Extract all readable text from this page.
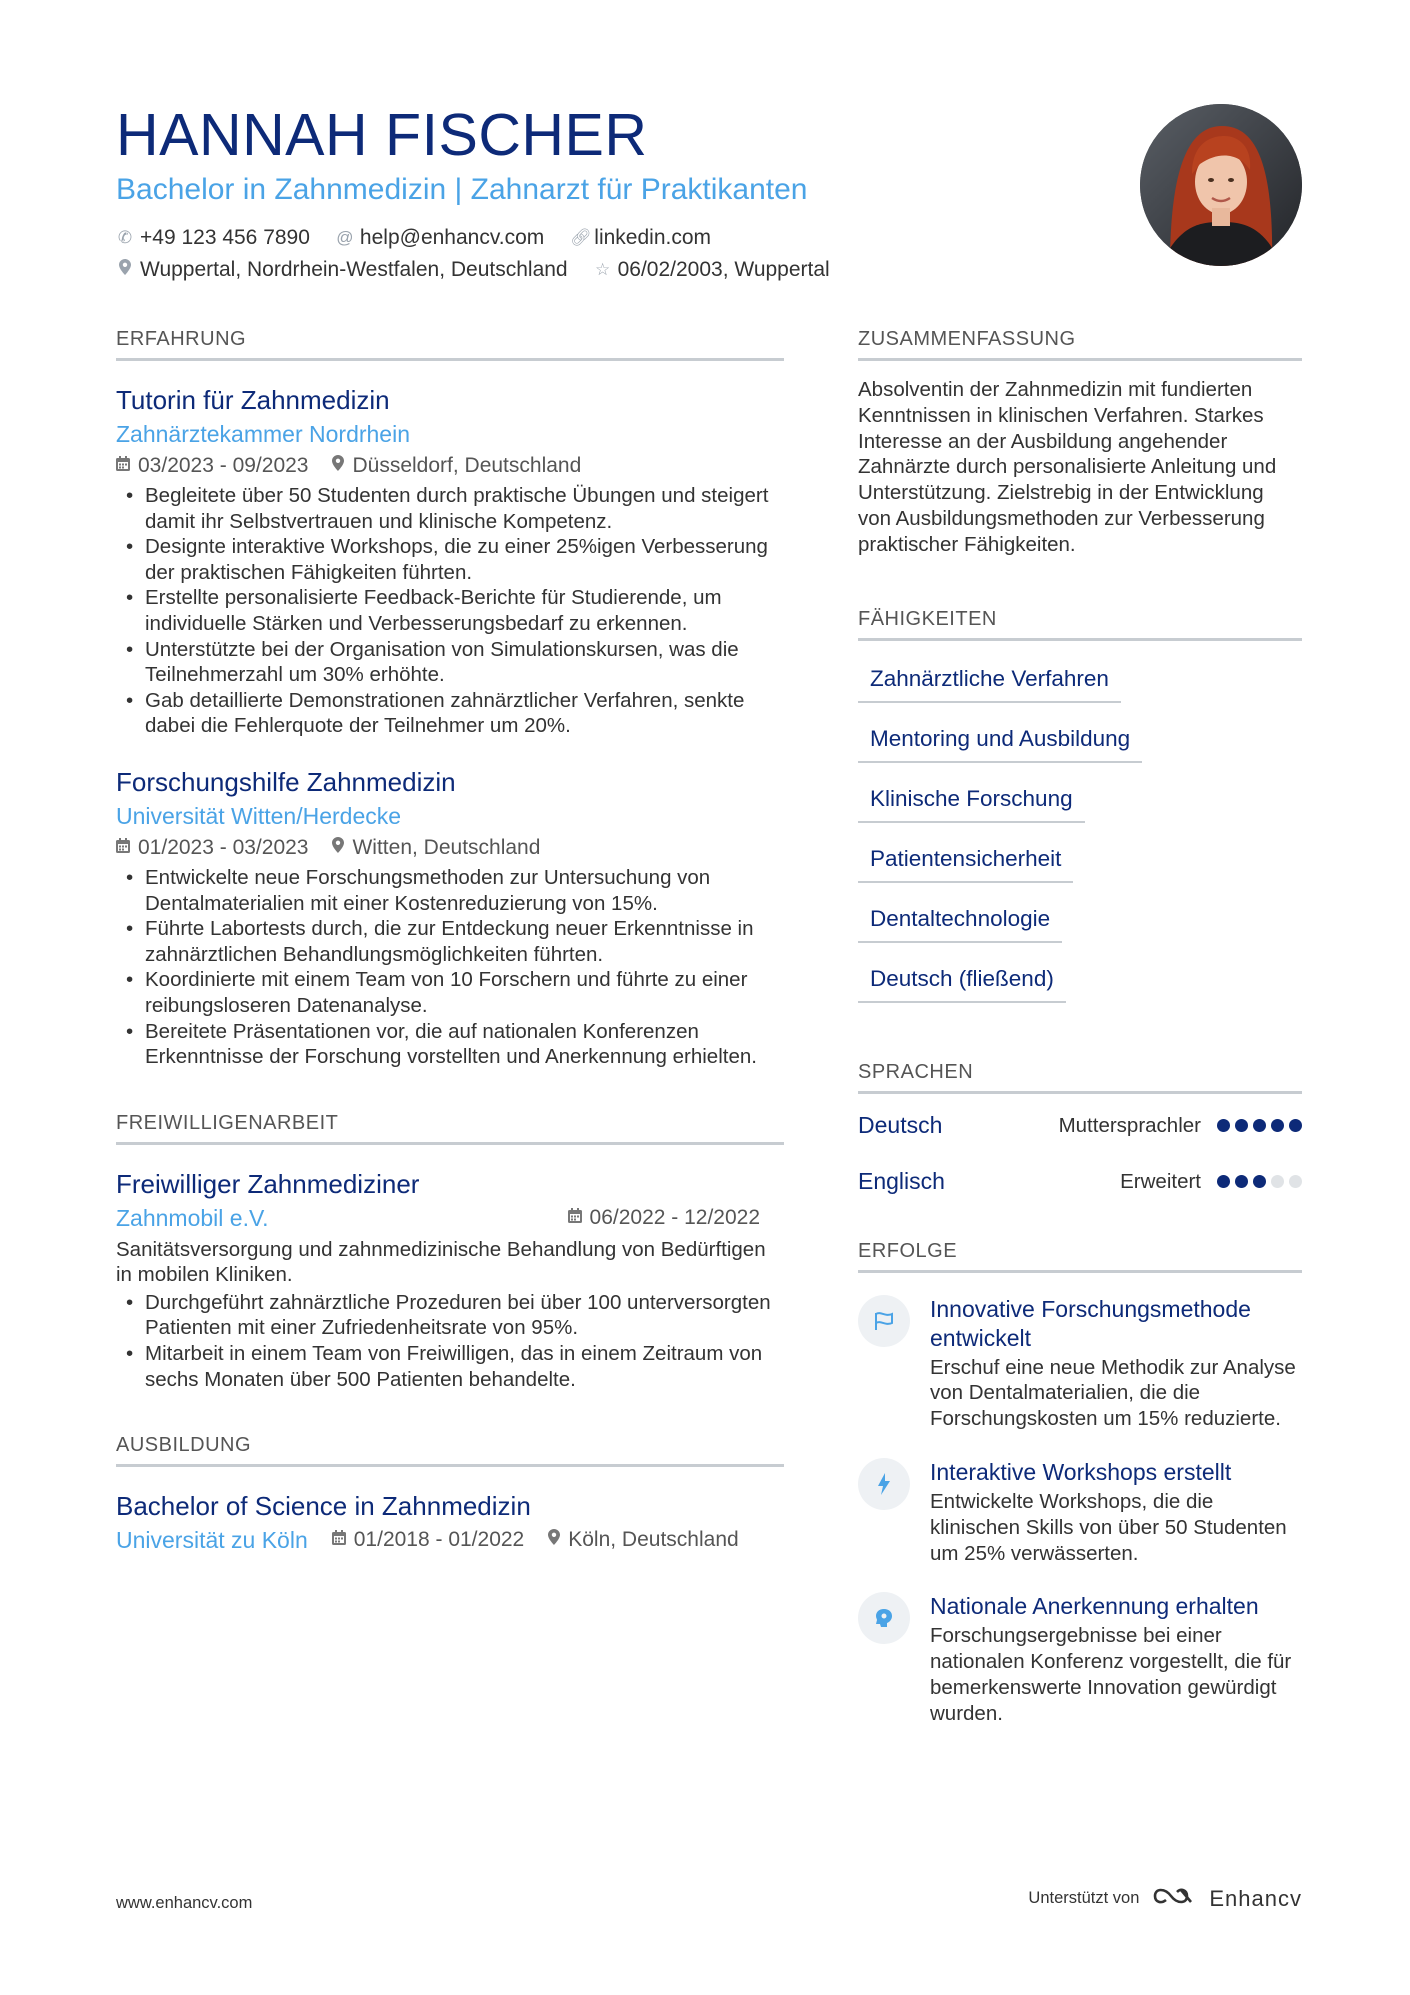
HANNAH FISCHER
Bachelor in Zahnmedizin | Zahnarzt für Praktikanten
✆ +49 123 456 7890 @ help@enhancv.com 🔗︎ linkedin.com
Wuppertal, Nordrhein-Westfalen, Deutschland ☆ 06/02/2003, Wuppertal
ERFAHRUNG
Tutorin für Zahnmedizin
Zahnärztekammer Nordrhein
03/2023 - 09/2023 Düsseldorf, Deutschland
• Begleitete über 50 Studenten durch praktische Übungen und steigert damit ihr Selbstvertrauen und klinische Kompetenz.
• Designte interaktive Workshops, die zu einer 25%igen Verbesserung der praktischen Fähigkeiten führten.
• Erstellte personalisierte Feedback-Berichte für Studierende, um individuelle Stärken und Verbesserungsbedarf zu erkennen.
• Unterstützte bei der Organisation von Simulationskursen, was die Teilnehmerzahl um 30% erhöhte.
• Gab detaillierte Demonstrationen zahnärztlicher Verfahren, senkte dabei die Fehlerquote der Teilnehmer um 20%.
Forschungshilfe Zahnmedizin
Universität Witten/Herdecke
01/2023 - 03/2023 Witten, Deutschland
• Entwickelte neue Forschungsmethoden zur Untersuchung von Dentalmaterialien mit einer Kostenreduzierung von 15%.
• Führte Labortests durch, die zur Entdeckung neuer Erkenntnisse in zahnärztlichen Behandlungsmöglichkeiten führten.
• Koordinierte mit einem Team von 10 Forschern und führte zu einer reibungsloseren Datenanalyse.
• Bereitete Präsentationen vor, die auf nationalen Konferenzen Erkenntnisse der Forschung vorstellten und Anerkennung erhielten.
FREIWILLIGENARBEIT
Freiwilliger Zahnmediziner
Zahnmobil e.V.	06/2022 - 12/2022
Sanitätsversorgung und zahnmedizinische Behandlung von Bedürftigen in mobilen Kliniken.
• Durchgeführt zahnärztliche Prozeduren bei über 100 unterversorgten Patienten mit einer Zufriedenheitsrate von 95%.
• Mitarbeit in einem Team von Freiwilligen, das in einem Zeitraum von sechs Monaten über 500 Patienten behandelte.
AUSBILDUNG
Bachelor of Science in Zahnmedizin
Universität zu Köln 01/2018 - 01/2022 Köln, Deutschland
ZUSAMMENFASSUNG
Absolventin der Zahnmedizin mit fundierten Kenntnissen in klinischen Verfahren. Starkes Interesse an der Ausbildung angehender Zahnärzte durch personalisierte Anleitung und Unterstützung. Zielstrebig in der Entwicklung von Ausbildungsmethoden zur Verbesserung praktischer Fähigkeiten.
FÄHIGKEITEN
Zahnärztliche Verfahren
Mentoring und Ausbildung
Klinische Forschung
Patientensicherheit
Dentaltechnologie
Deutsch (fließend)
SPRACHEN
Deutsch	Muttersprachler
Englisch	Erweitert
ERFOLGE
Innovative Forschungsmethode entwickelt
Erschuf eine neue Methodik zur Analyse von Dentalmaterialien, die die Forschungskosten um 15% reduzierte.
Interaktive Workshops erstellt
Entwickelte Workshops, die die klinischen Skills von über 50 Studenten um 25% verwässerten.
Nationale Anerkennung erhalten
Forschungsergebnisse bei einer nationalen Konferenz vorgestellt, die für bemerkenswerte Innovation gewürdigt wurden.
www.enhancv.com	Unterstützt von	Enhancv
